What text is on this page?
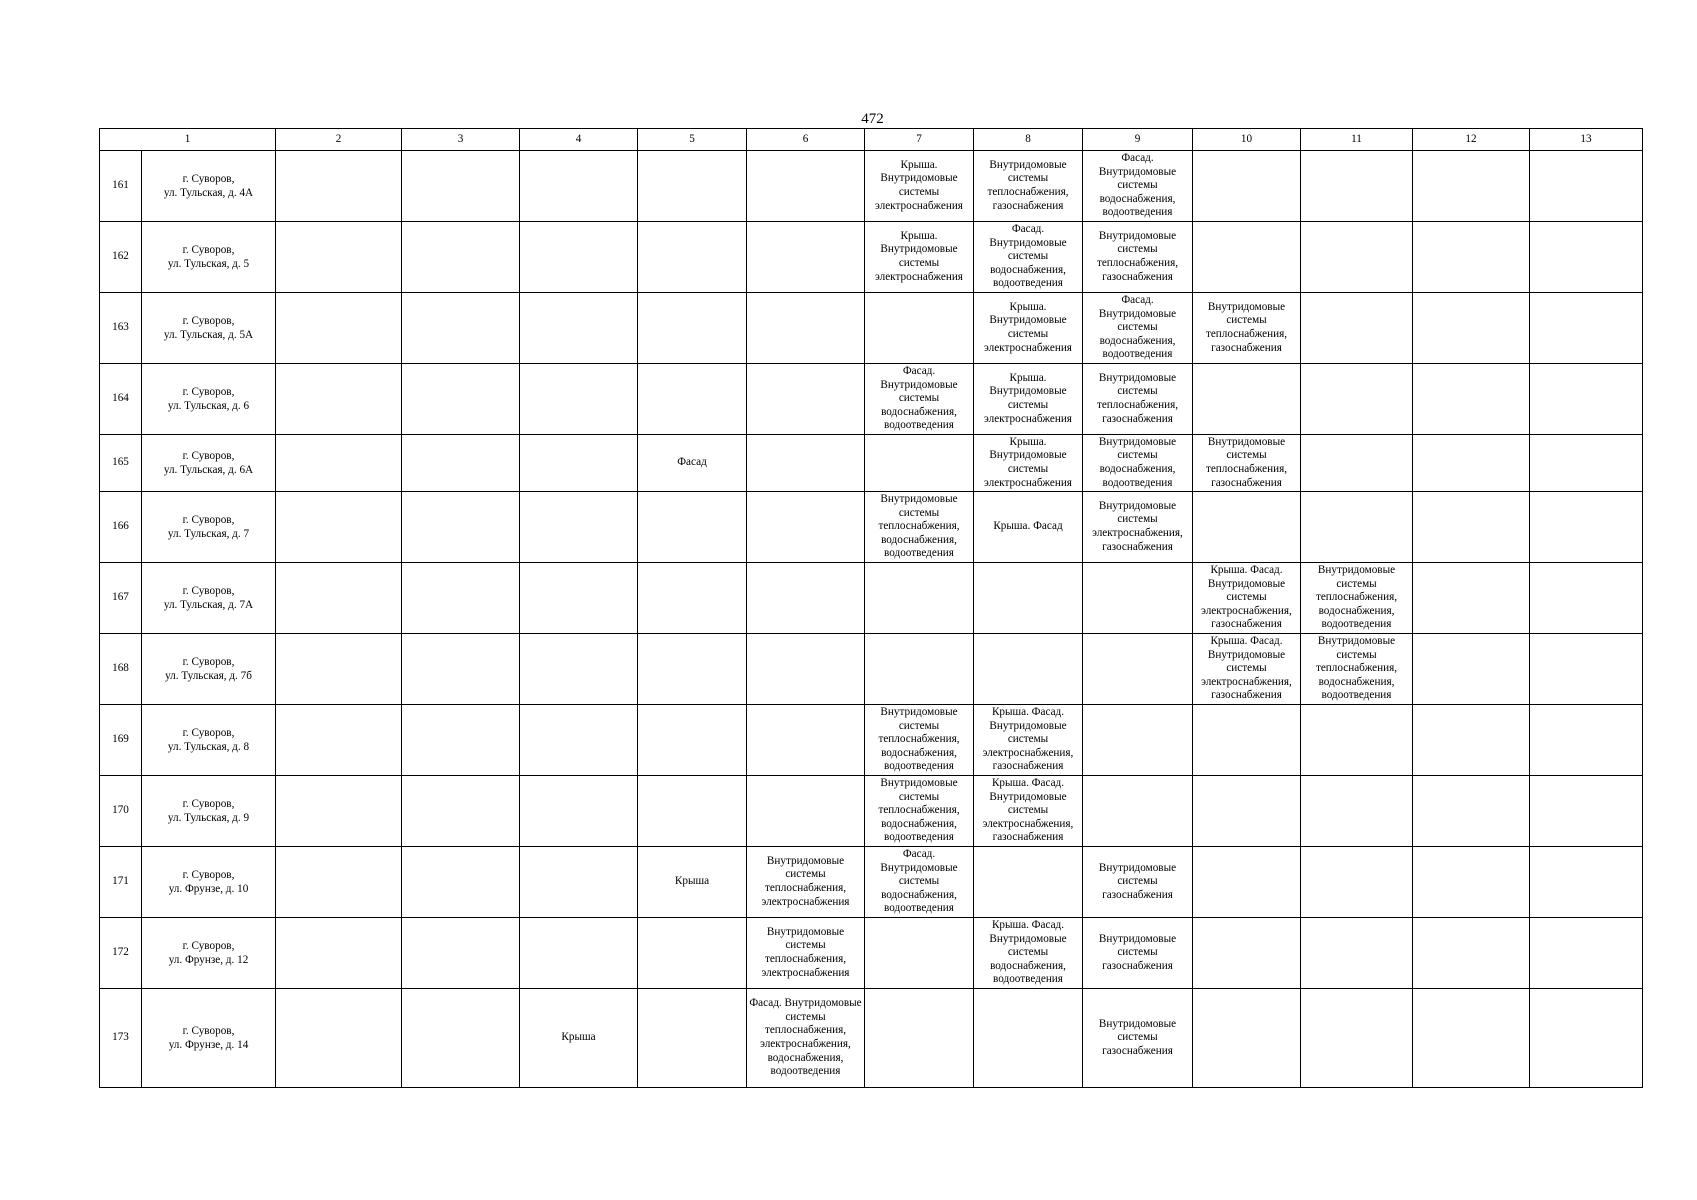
472
1		2	3	4	5	6	7	8	9	10	11	12	13
161	г. Суворов,
ул. Тульская, д. 4А						Крыша. Внутридомовые системы электроснабжения	Внутридомовые системы теплоснабжения, газоснабжения	Фасад. Внутридомовые системы водоснабжения, водоотведения				
162	г. Суворов,
ул. Тульская, д. 5						Крыша. Внутридомовые системы электроснабжения	Фасад. Внутридомовые системы водоснабжения, водоотведения	Внутридомовые системы теплоснабжения, газоснабжения				
163	г. Суворов,
ул. Тульская, д. 5А							Крыша. Внутридомовые системы электроснабжения	Фасад. Внутридомовые системы водоснабжения, водоотведения	Внутридомовые системы теплоснабжения, газоснабжения			
164	г. Суворов,
ул. Тульская, д. 6						Фасад. Внутридомовые системы водоснабжения, водоотведения	Крыша. Внутридомовые системы электроснабжения	Внутридомовые системы теплоснабжения, газоснабжения				
165	г. Суворов,
ул. Тульская, д. 6А				Фасад			Крыша. Внутридомовые системы электроснабжения	Внутридомовые системы водоснабжения, водоотведения	Внутридомовые системы теплоснабжения, газоснабжения			
166	г. Суворов,
ул. Тульская, д. 7						Внутридомовые системы теплоснабжения, водоснабжения, водоотведения	Крыша. Фасад	Внутридомовые системы электроснабжения, газоснабжения				
167	г. Суворов,
ул. Тульская, д. 7А									Крыша. Фасад. Внутридомовые системы электроснабжения, газоснабжения	Внутридомовые системы теплоснабжения, водоснабжения, водоотведения		
168	г. Суворов,
ул. Тульская, д. 7б									Крыша. Фасад. Внутридомовые системы электроснабжения, газоснабжения	Внутридомовые системы теплоснабжения, водоснабжения, водоотведения		
169	г. Суворов,
ул. Тульская, д. 8						Внутридомовые системы теплоснабжения, водоснабжения, водоотведения	Крыша. Фасад. Внутридомовые системы электроснабжения, газоснабжения					
170	г. Суворов,
ул. Тульская, д. 9						Внутридомовые системы теплоснабжения, водоснабжения, водоотведения	Крыша. Фасад. Внутридомовые системы электроснабжения, газоснабжения					
171	г. Суворов,
ул. Фрунзе, д. 10				Крыша	Внутридомовые системы теплоснабжения, электроснабжения	Фасад. Внутридомовые системы водоснабжения, водоотведения		Внутридомовые системы газоснабжения				
172	г. Суворов,
ул. Фрунзе, д. 12					Внутридомовые системы теплоснабжения, электроснабжения		Крыша. Фасад. Внутридомовые системы водоснабжения, водоотведения	Внутридомовые системы газоснабжения				
173	г. Суворов,
ул. Фрунзе, д. 14			Крыша		Фасад. Внутридомовые системы теплоснабжения, электроснабжения, водоснабжения, водоотведения			Внутридомовые системы газоснабжения				
